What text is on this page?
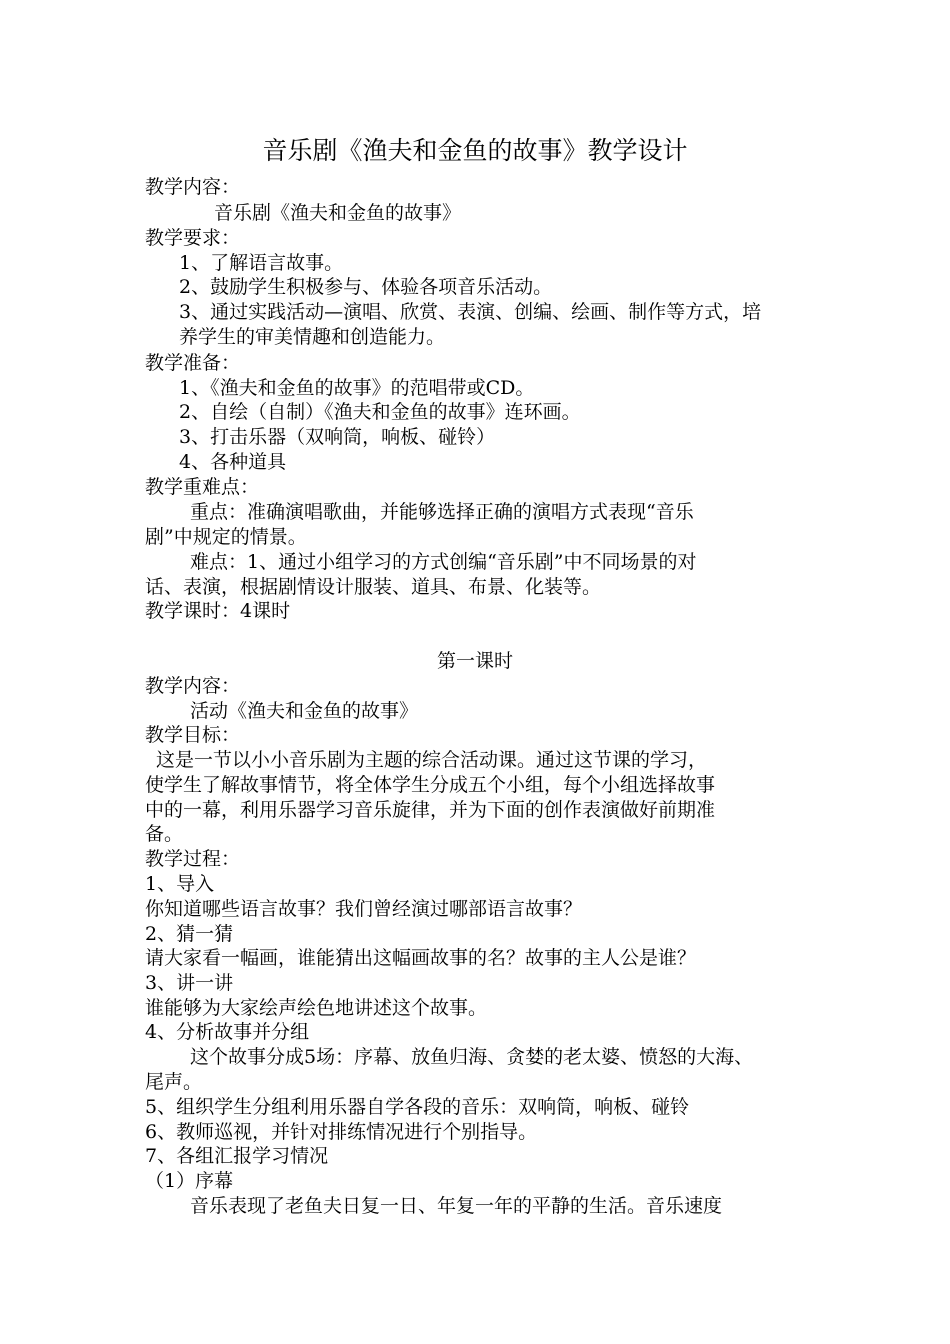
音乐剧《渔夫和金鱼的故事》教学设计
教学内容：
音乐剧《渔夫和金鱼的故事》
教学要求：
1、了解语言故事。
2、鼓励学生积极参与、体验各项音乐活动。
3、通过实践活动—演唱、欣赏、表演、创编、绘画、制作等方式，培
养学生的审美情趣和创造能力。
教学准备：
1、《渔夫和金鱼的故事》的范唱带或CD。
2、自绘（自制）《渔夫和金鱼的故事》连环画。
3、打击乐器（双响筒，响板、碰铃）
4、各种道具
教学重难点：
重点：准确演唱歌曲，并能够选择正确的演唱方式表现“音乐
剧”中规定的情景。
难点：1、通过小组学习的方式创编“音乐剧”中不同场景的对
话、表演，根据剧情设计服装、道具、布景、化装等。
教学课时：4课时
第一课时
教学内容：
活动《渔夫和金鱼的故事》
教学目标：
这是一节以小小音乐剧为主题的综合活动课。通过这节课的学习，
使学生了解故事情节，将全体学生分成五个小组，每个小组选择故事
中的一幕，利用乐器学习音乐旋律，并为下面的创作表演做好前期准
备。
教学过程：
1、导入
你知道哪些语言故事？我们曾经演过哪部语言故事？
2、猜一猜
请大家看一幅画，谁能猜出这幅画故事的名？故事的主人公是谁？
3、讲一讲
谁能够为大家绘声绘色地讲述这个故事。
4、分析故事并分组
这个故事分成5场：序幕、放鱼归海、贪婪的老太婆、愤怒的大海、
尾声。
5、组织学生分组利用乐器自学各段的音乐：双响筒，响板、碰铃
6、教师巡视，并针对排练情况进行个别指导。
7、各组汇报学习情况
（1）序幕
音乐表现了老鱼夫日复一日、年复一年的平静的生活。音乐速度
